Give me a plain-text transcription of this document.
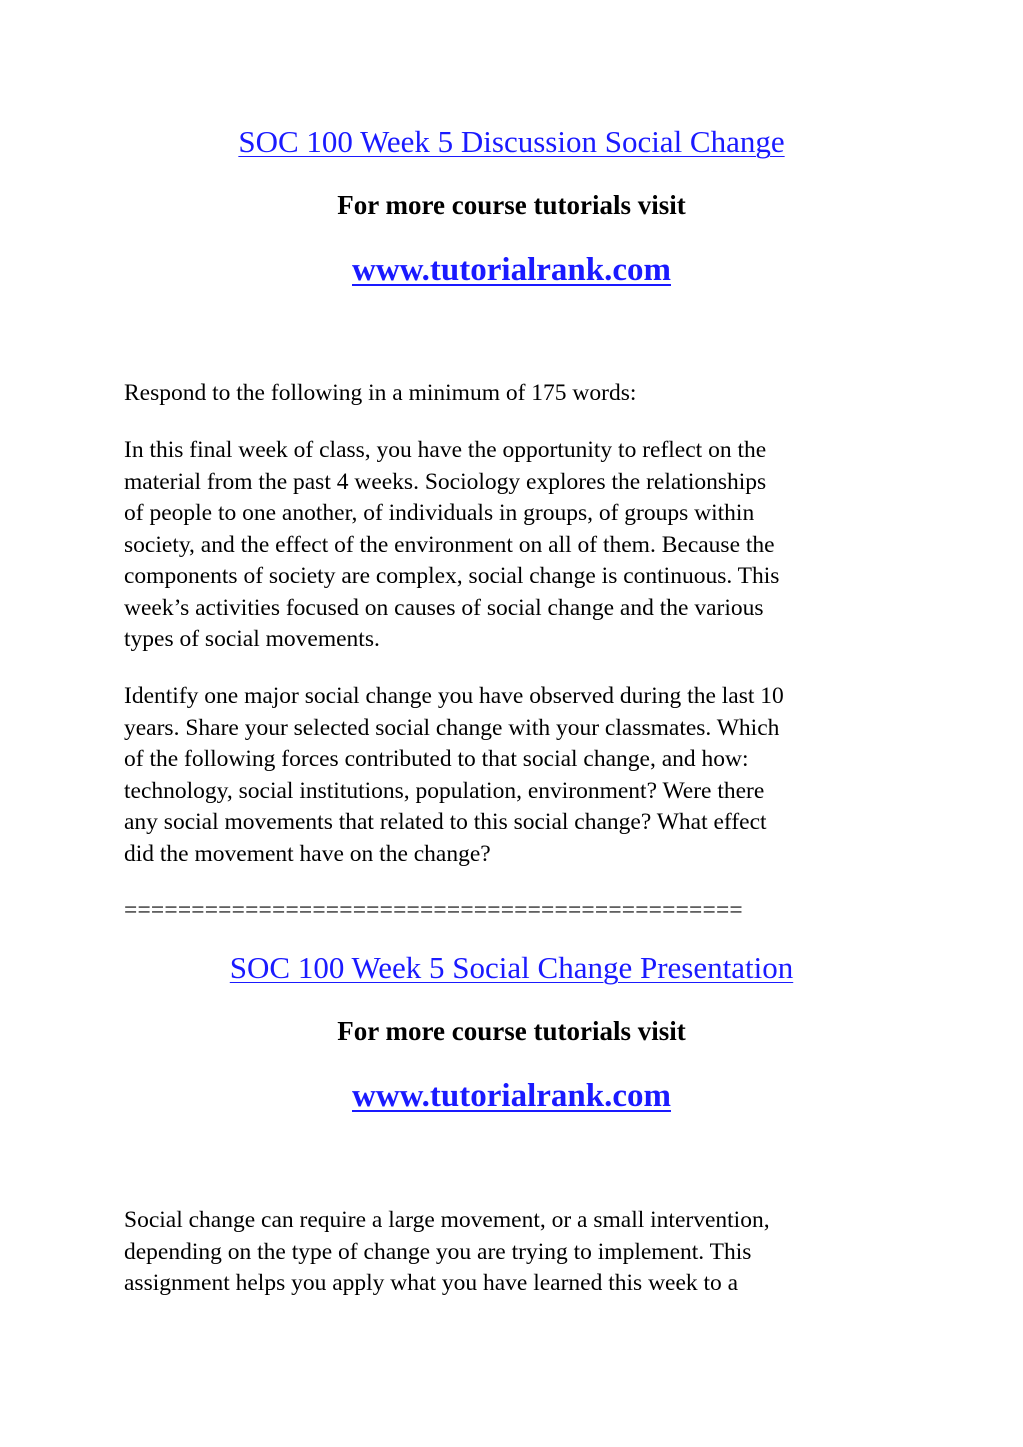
SOC 100 Week 5 Discussion Social Change
For more course tutorials visit
www.tutorialrank.com
Respond to the following in a minimum of 175 words:
In this final week of class, you have the opportunity to reflect on the
material from the past 4 weeks. Sociology explores the relationships
of people to one another, of individuals in groups, of groups within
society, and the effect of the environment on all of them. Because the
components of society are complex, social change is continuous. This
week’s activities focused on causes of social change and the various
types of social movements.
Identify one major social change you have observed during the last 10
years. Share your selected social change with your classmates. Which
of the following forces contributed to that social change, and how:
technology, social institutions, population, environment? Were there
any social movements that related to this social change? What effect
did the movement have on the change?
==============================================
SOC 100 Week 5 Social Change Presentation
For more course tutorials visit
www.tutorialrank.com
Social change can require a large movement, or a small intervention,
depending on the type of change you are trying to implement. This
assignment helps you apply what you have learned this week to a
